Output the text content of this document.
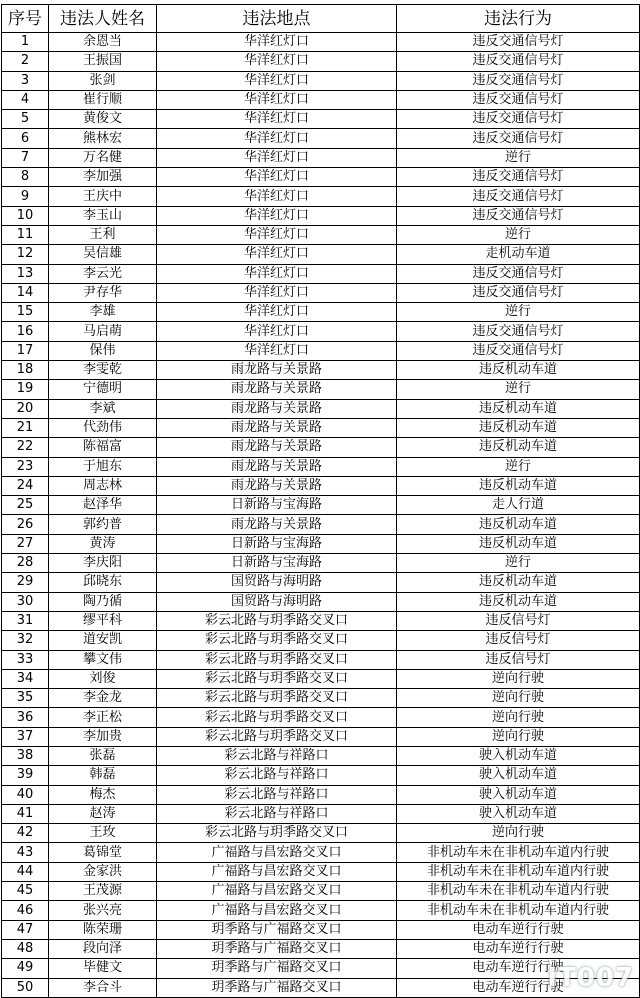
序号	违法人姓名	违法地点	违法行为
1	余恩当	华洋红灯口	违反交通信号灯
2	王振国	华洋红灯口	违反交通信号灯
3	张剑	华洋红灯口	违反交通信号灯
4	崔行顺	华洋红灯口	违反交通信号灯
5	黄俊文	华洋红灯口	违反交通信号灯
6	熊林宏	华洋红灯口	违反交通信号灯
7	万名健	华洋红灯口	逆行
8	李加强	华洋红灯口	违反交通信号灯
9	王庆中	华洋红灯口	违反交通信号灯
10	李玉山	华洋红灯口	违反交通信号灯
11	王利	华洋红灯口	逆行
12	吴信雄	华洋红灯口	走机动车道
13	李云光	华洋红灯口	违反交通信号灯
14	尹存华	华洋红灯口	违反交通信号灯
15	李雄	华洋红灯口	逆行
16	马启萌	华洋红灯口	违反交通信号灯
17	保伟	华洋红灯口	违反交通信号灯
18	李雯乾	雨龙路与关景路	违反机动车道
19	宁德明	雨龙路与关景路	逆行
20	李斌	雨龙路与关景路	违反机动车道
21	代劲伟	雨龙路与关景路	违反机动车道
22	陈福富	雨龙路与关景路	违反机动车道
23	于旭东	雨龙路与关景路	逆行
24	周志林	雨龙路与关景路	违反机动车道
25	赵泽华	日新路与宝海路	走人行道
26	郭约普	雨龙路与关景路	违反机动车道
27	黄涛	日新路与宝海路	违反机动车道
28	李庆阳	日新路与宝海路	逆行
29	邱晓东	国贸路与海明路	违反机动车道
30	陶乃循	国贸路与海明路	违反机动车道
31	缪平科	彩云北路与玥季路交叉口	违反信号灯
32	道安凯	彩云北路与玥季路交叉口	违反信号灯
33	攀文伟	彩云北路与玥季路交叉口	违反信号灯
34	刘俊	彩云北路与玥季路交叉口	逆向行驶
35	李金龙	彩云北路与玥季路交叉口	逆向行驶
36	李正松	彩云北路与玥季路交叉口	逆向行驶
37	李加贵	彩云北路与玥季路交叉口	逆向行驶
38	张磊	彩云北路与祥路口	驶入机动车道
39	韩磊	彩云北路与祥路口	驶入机动车道
40	梅杰	彩云北路与祥路口	驶入机动车道
41	赵涛	彩云北路与祥路口	驶入机动车道
42	王玫	彩云北路与玥季路交叉口	逆向行驶
43	葛锦堂	广福路与昌宏路交叉口	非机动车未在非机动车道内行驶
44	金家洪	广福路与昌宏路交叉口	非机动车未在非机动车道内行驶
45	王茂源	广福路与昌宏路交叉口	非机动车未在非机动车道内行驶
46	张兴亮	广福路与昌宏路交叉口	非机动车未在非机动车道内行驶
47	陈荣珊	玥季路与广福路交叉口	电动车逆行行驶
48	段向泽	玥季路与广福路交叉口	电动车逆行行驶
49	毕健文	玥季路与广福路交叉口	电动车逆行行驶
50	李合斗	玥季路与广福路交叉口	电动车逆行行驶
IT007
